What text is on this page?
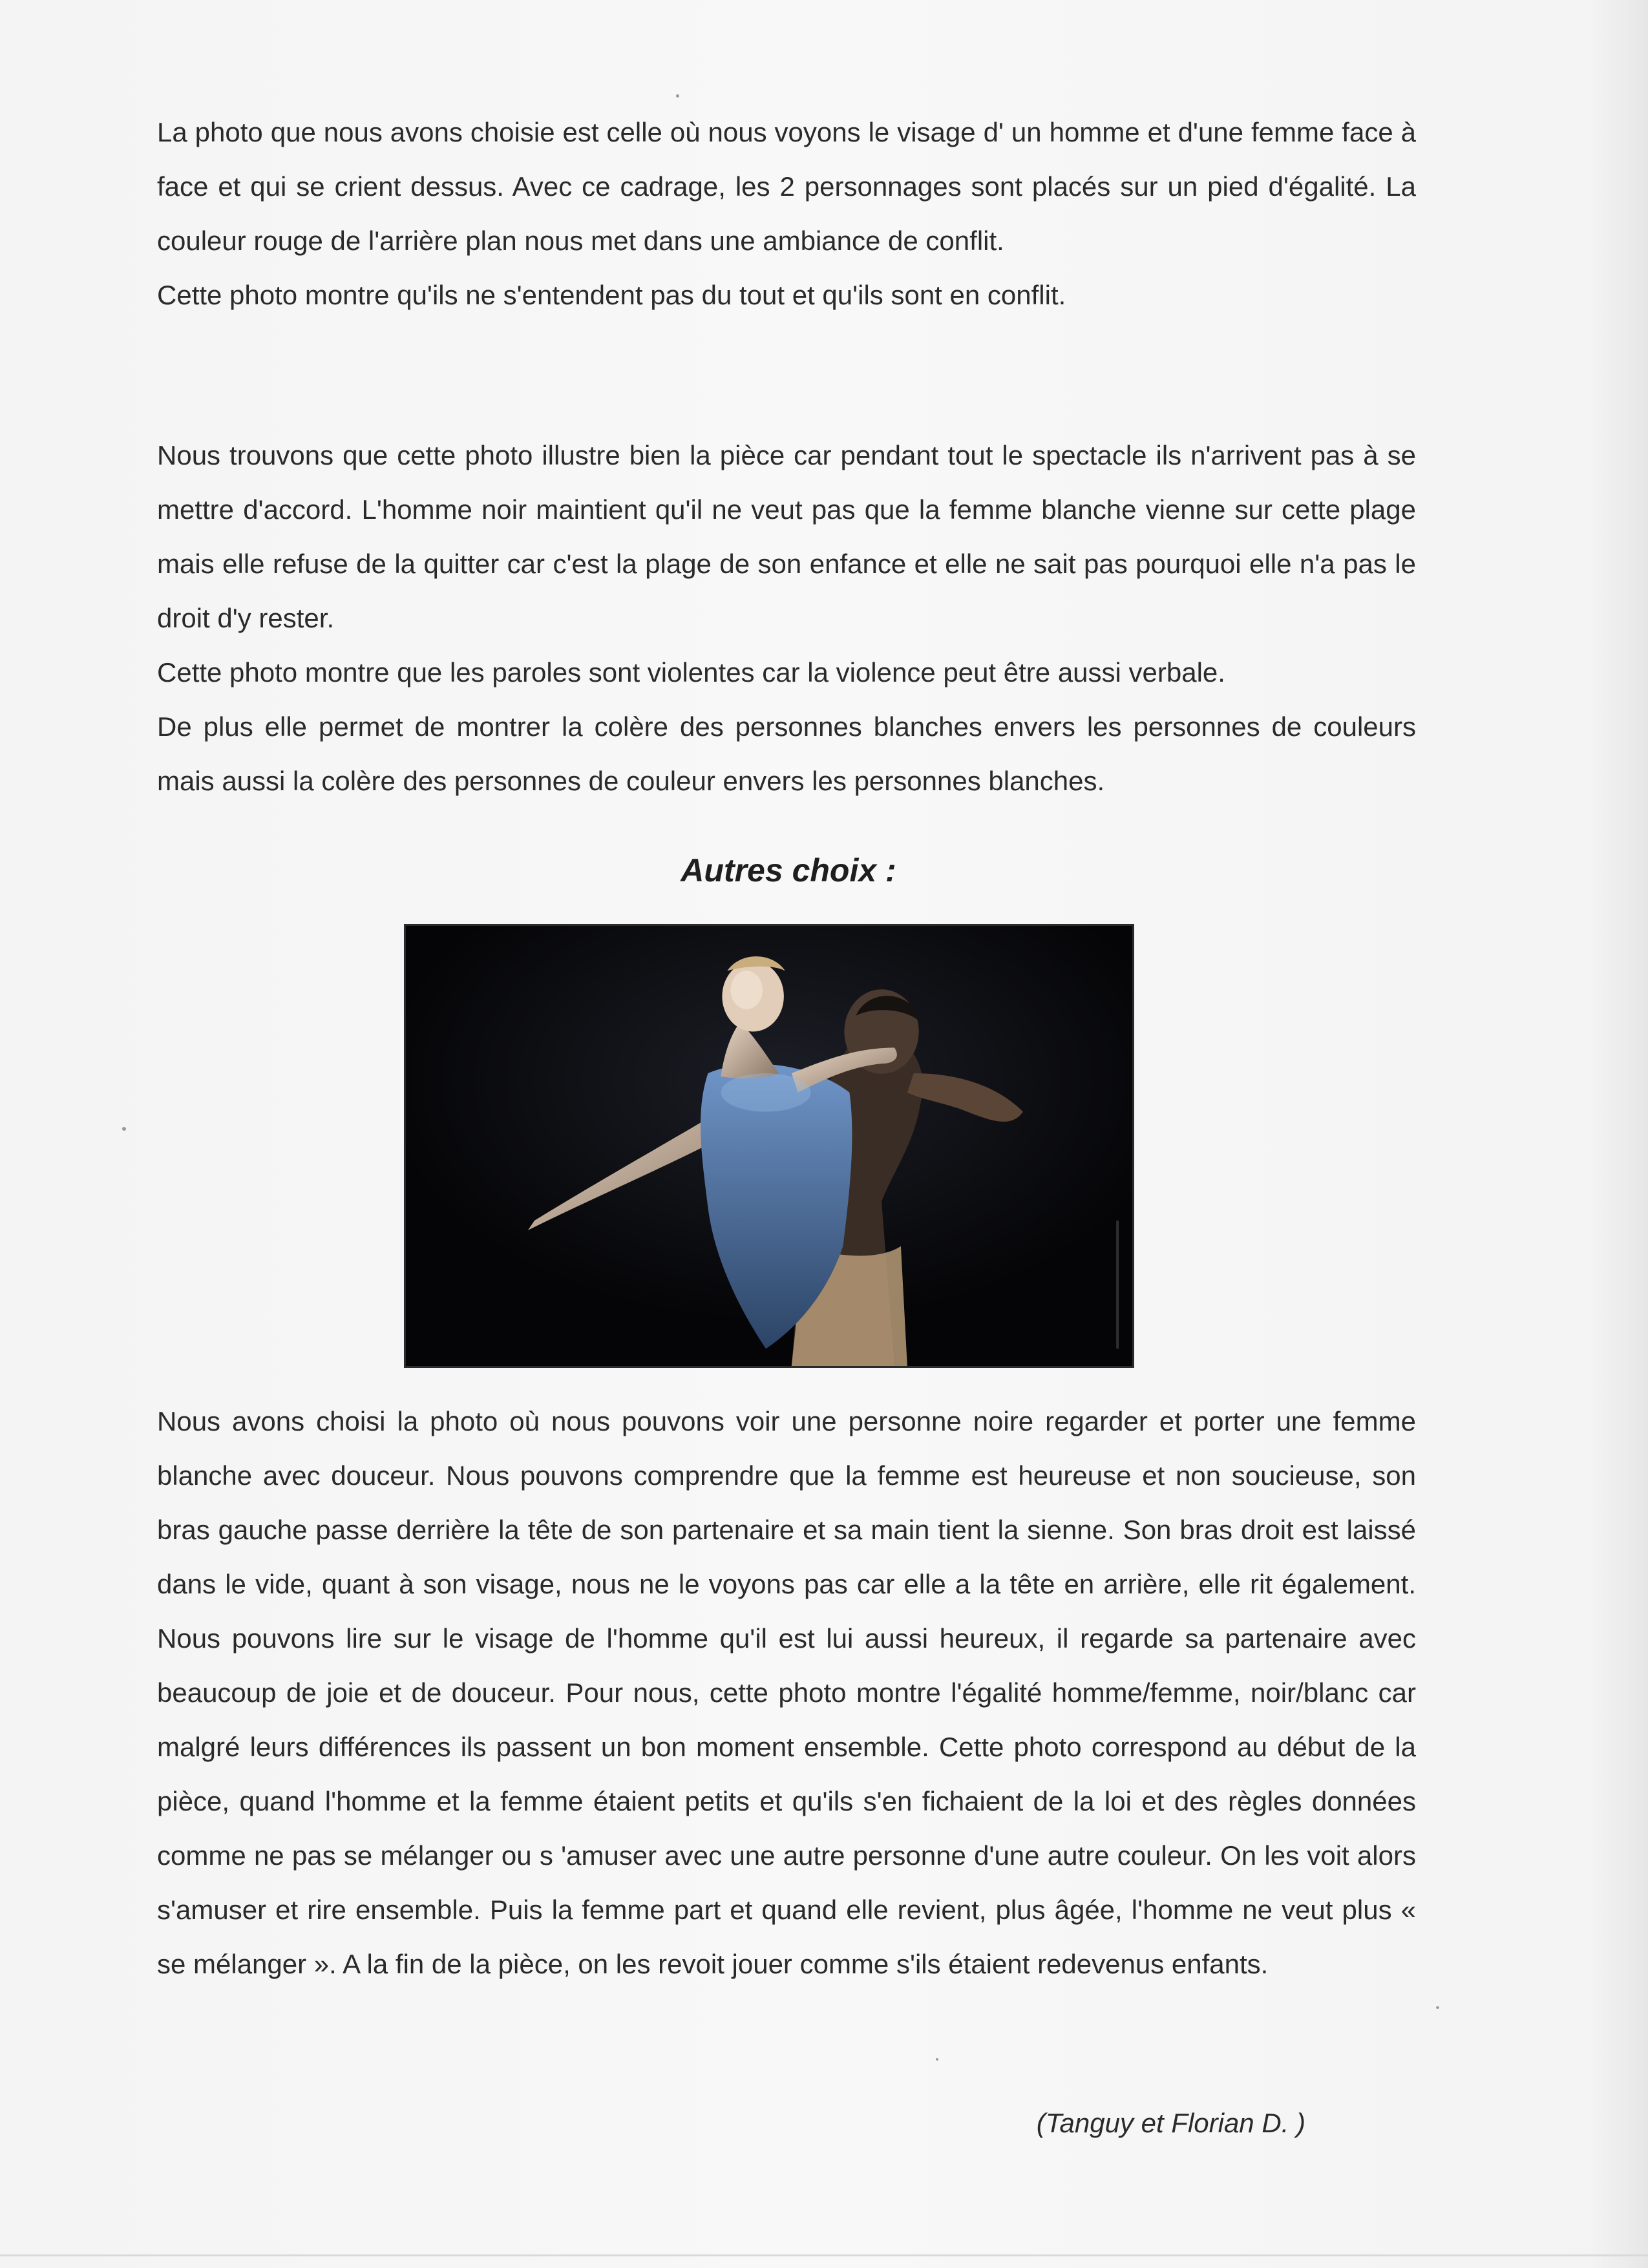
La photo que nous avons choisie est celle où nous voyons le visage d' un homme et d'une femme face à face et qui se crient dessus. Avec ce cadrage, les 2 personnages sont placés sur un pied d'égalité. La couleur rouge de l'arrière plan nous met dans une ambiance de conflit.

Cette photo montre qu'ils ne s'entendent pas du tout et qu'ils sont en conflit.

Nous trouvons que cette photo illustre bien la pièce car pendant tout le spectacle ils n'arrivent pas à se mettre d'accord. L'homme noir maintient qu'il ne veut pas que la femme blanche vienne sur cette plage mais elle refuse de la quitter car c'est la plage de son enfance et elle ne sait pas pourquoi elle n'a pas le droit d'y rester.

Cette photo montre que les paroles sont violentes car la violence peut être aussi verbale.

De plus elle permet de montrer la colère des personnes blanches envers les personnes de couleurs mais aussi la colère des personnes de couleur envers les personnes blanches.

Autres choix :

Nous avons choisi la photo où nous pouvons voir une personne noire regarder et porter une femme blanche avec douceur. Nous pouvons comprendre que la femme est heureuse et non soucieuse, son bras gauche passe derrière la tête de son partenaire et sa main tient la sienne. Son bras droit est laissé dans le vide, quant à son visage, nous ne le voyons pas car elle a la tête en arrière, elle rit également. Nous pouvons lire sur le visage de l'homme qu'il est lui aussi heureux, il regarde sa partenaire avec beaucoup de joie et de douceur. Pour nous, cette photo montre l'égalité homme/femme, noir/blanc car malgré leurs différences ils passent un bon moment ensemble. Cette photo correspond au début de la pièce, quand l'homme et la femme étaient petits et qu'ils s'en fichaient de la loi et des règles données comme ne pas se mélanger ou s 'amuser avec une autre personne d'une autre couleur. On les voit alors s'amuser et rire ensemble. Puis la femme part et quand elle revient, plus âgée, l'homme ne veut plus « se mélanger ». A la fin de la pièce, on les revoit jouer comme s'ils étaient redevenus enfants.

(Tanguy et Florian D. )
